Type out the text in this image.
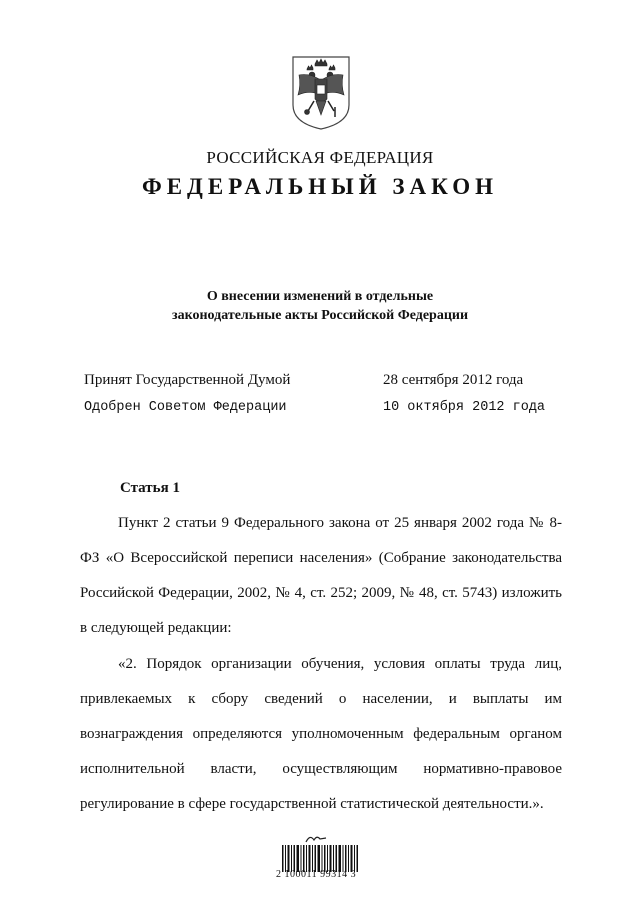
РОССИЙСКАЯ ФЕДЕРАЦИЯ
ФЕДЕРАЛЬНЫЙ ЗАКОН
О внесении изменений в отдельные
законодательные акты Российской Федерации
Принят Государственной Думой	28 сентября 2012 года
Одобрен Советом Федерации	10 октября 2012 года
Статья 1
Пункт 2 статьи 9 Федерального закона от 25 января 2002 года № 8-ФЗ «О Всероссийской переписи населения» (Собрание законодательства Российской Федерации, 2002, № 4, ст. 252; 2009, № 48, ст. 5743) изложить в следующей редакции:
«2. Порядок организации обучения, условия оплаты труда лиц, привлекаемых к сбору сведений о населении, и выплаты им вознаграждения определяются уполномоченным федеральным органом исполнительной власти, осуществляющим нормативно-правовое регулирование в сфере государственной статистической деятельности.».
2 100011 99314 3
